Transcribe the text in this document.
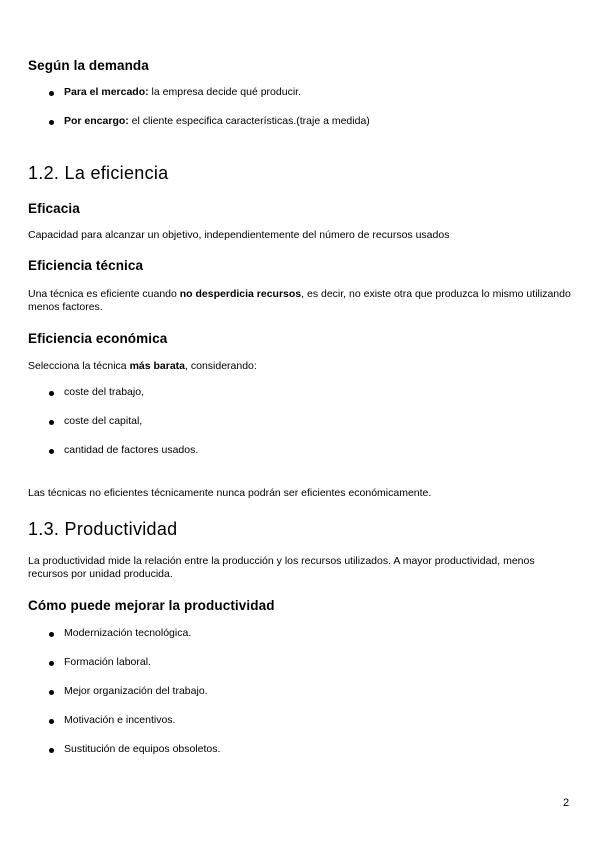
Según la demanda
Para el mercado: la empresa decide qué producir.
Por encargo: el cliente especifica características.(traje a medida)
1.2. La eficiencia
Eficacia
Capacidad para alcanzar un objetivo, independientemente del número de recursos usados
Eficiencia técnica
Una técnica es eficiente cuando no desperdicia recursos, es decir, no existe otra que produzca lo mismo utilizando menos factores.
Eficiencia económica
Selecciona la técnica más barata, considerando:
coste del trabajo,
coste del capital,
cantidad de factores usados.
Las técnicas no eficientes técnicamente nunca podrán ser eficientes económicamente.
1.3. Productividad
La productividad mide la relación entre la producción y los recursos utilizados. A mayor productividad, menos recursos por unidad producida.
Cómo puede mejorar la productividad
Modernización tecnológica.
Formación laboral.
Mejor organización del trabajo.
Motivación e incentivos.
Sustitución de equipos obsoletos.
2
